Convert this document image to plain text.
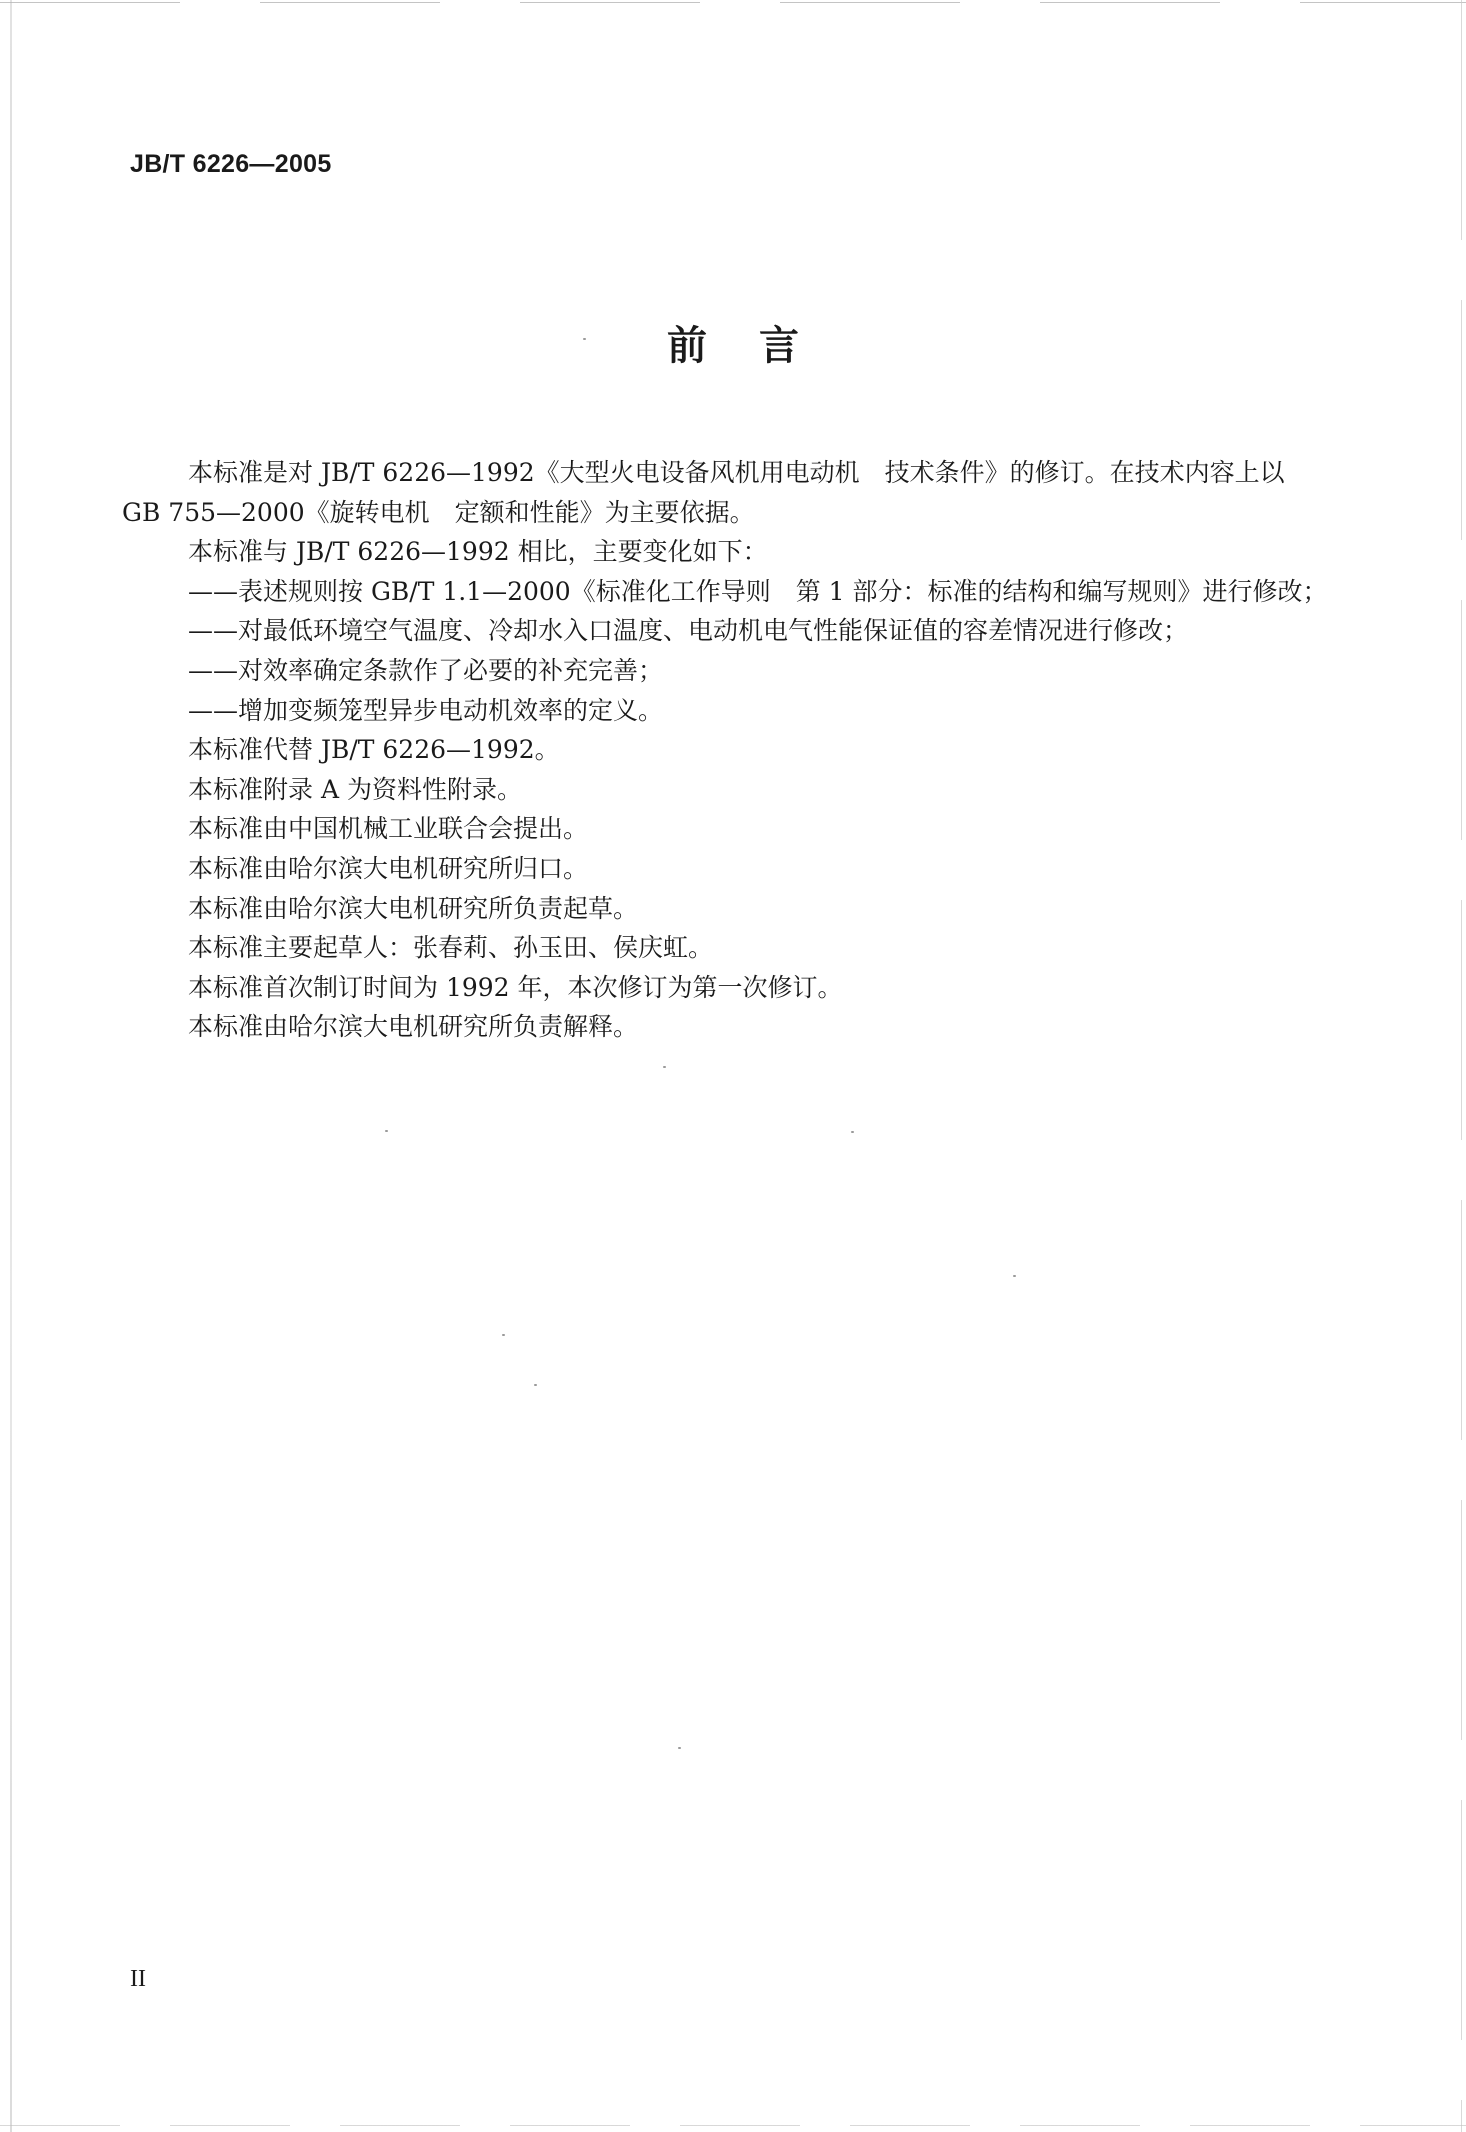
JB/T 6226—2005
前言

本标准是对 JB/T 6226—1992《大型火电设备风机用电动机　技术条件》的修订。在技术内容上以

GB 755—2000《旋转电机　定额和性能》为主要依据。

本标准与 JB/T 6226—1992 相比，主要变化如下：

——表述规则按 GB/T 1.1—2000《标准化工作导则　第 1 部分：标准的结构和编写规则》进行修改；

——对最低环境空气温度、冷却水入口温度、电动机电气性能保证值的容差情况进行修改；

——对效率确定条款作了必要的补充完善；

——增加变频笼型异步电动机效率的定义。

本标准代替 JB/T 6226—1992。

本标准附录 A 为资料性附录。

本标准由中国机械工业联合会提出。

本标准由哈尔滨大电机研究所归口。

本标准由哈尔滨大电机研究所负责起草。

本标准主要起草人：张春莉、孙玉田、侯庆虹。

本标准首次制订时间为 1992 年，本次修订为第一次修订。

本标准由哈尔滨大电机研究所负责解释。

II
